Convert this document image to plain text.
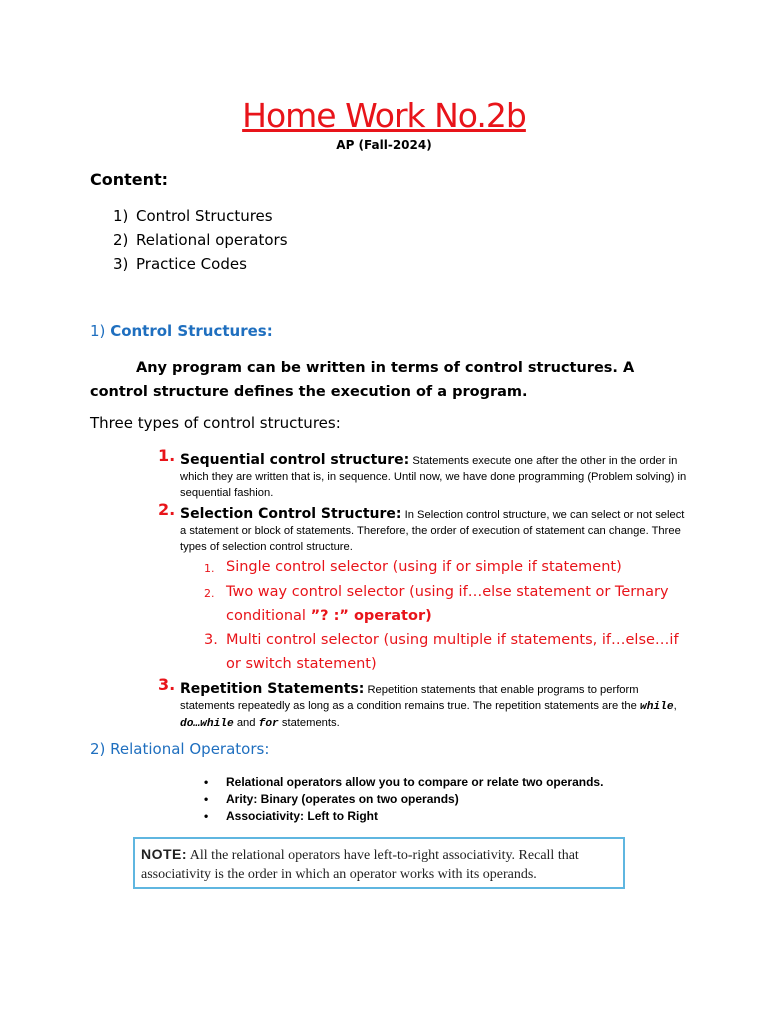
Home Work No.2b
AP (Fall-2024)
Content:
1) Control Structures
2) Relational operators
3) Practice Codes
1) Control Structures:
Any program can be written in terms of control structures. A control structure defines the execution of a program.
Three types of control structures:
1. Sequential control structure: Statements execute one after the other in the order in which they are written that is, in sequence. Until now, we have done programming (Problem solving) in sequential fashion.
2. Selection Control Structure: In Selection control structure, we can select or not select a statement or block of statements. Therefore, the order of execution of statement can change. Three types of selection control structure.
1. Single control selector (using if or simple if statement)
2. Two way control selector (using if…else statement or Ternary conditional ”? :” operator)
3. Multi control selector (using multiple if statements, if…else…if or switch statement)
3. Repetition Statements: Repetition statements that enable programs to perform statements repeatedly as long as a condition remains true. The repetition statements are the while, do…while and for statements.
2) Relational Operators:
• Relational operators allow you to compare or relate two operands.
• Arity: Binary (operates on two operands)
• Associativity: Left to Right
NOTE: All the relational operators have left-to-right associativity. Recall that associativity is the order in which an operator works with its operands.
